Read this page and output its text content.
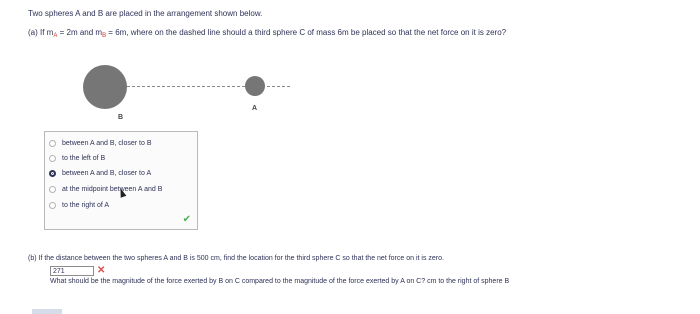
Two spheres A and B are placed in the arrangement shown below.
(a) If $m_A = 2m$ and $m_B = 6m$, where on the dashed line should a third sphere C of mass 6m be placed so that the net force on it is zero?
B
A
between A and B, closer to B
to the left of B
between A and B, closer to A
at the midpoint between A and B
to the right of A
✔
(b) If the distance between the two spheres A and B is 500 cm, find the location for the third sphere C so that the net force on it is zero.
271	✕
What should be the magnitude of the force exerted by B on C compared to the magnitude of the force exerted by A on C? cm to the right of sphere B
